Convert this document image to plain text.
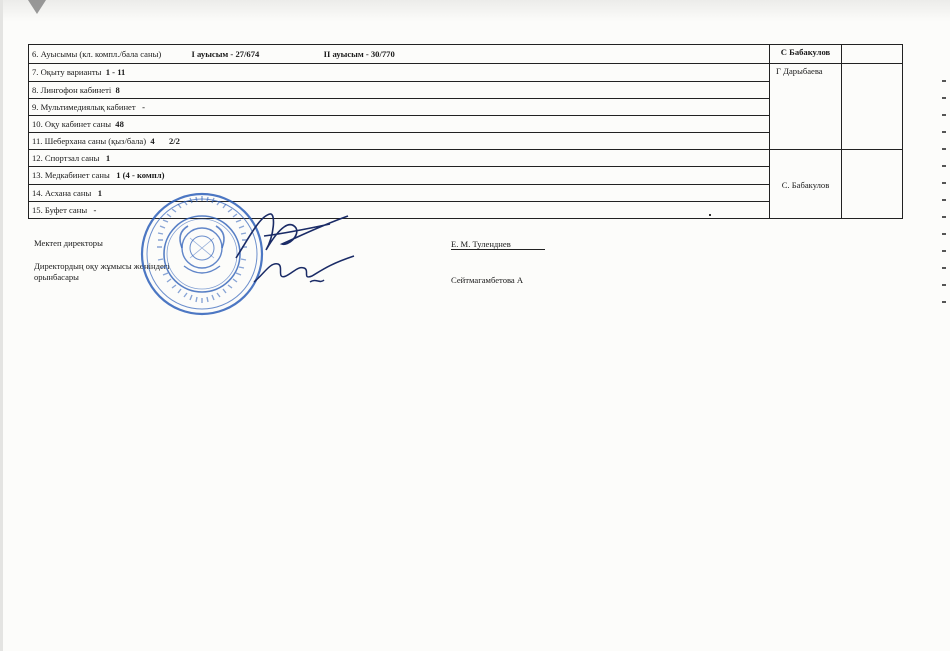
6. Ауысымы (кл. компл./бала саны) I ауысым - 27/674 II ауысым - 30/770	С Бабакулов	
7. Оқыту варианты 1 - 11	Г Дарыбаева	
8. Лингофон кабинеті 8		
9. Мультимедиялық кабинет -		
10. Оқу кабинет саны 48		
11. Шеберхана саны (қыз/бала) 4 2/2		
12. Спортзал саны 1	С. Бабакулов	
13. Медкабинет саны 1 (4 - компл)		
14. Асхана саны 1		
15. Буфет саны -		
Мектеп директоры	Е. М. Туленднев
Директордың оқу жұмысы жөніндегі
орынбасары	Сейтмагамбетова А
